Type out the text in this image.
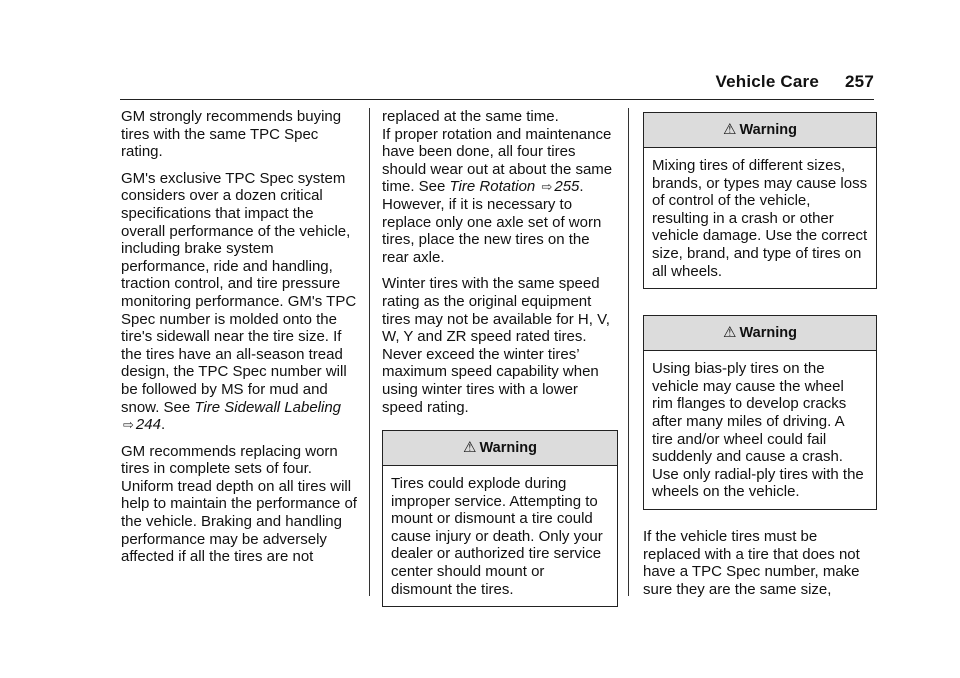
Vehicle Care 257

GM strongly recommends buying tires with the same TPC Spec rating.

GM's exclusive TPC Spec system considers over a dozen critical specifications that impact the overall performance of the vehicle, including brake system performance, ride and handling, traction control, and tire pressure monitoring performance. GM's TPC Spec number is molded onto the tire's sidewall near the tire size. If the tires have an all-season tread design, the TPC Spec number will be followed by MS for mud and snow. See Tire Sidewall Labeling ⇨ 244.

GM recommends replacing worn tires in complete sets of four. Uniform tread depth on all tires will help to maintain the performance of the vehicle. Braking and handling performance may be adversely affected if all the tires are not

replaced at the same time.

If proper rotation and maintenance have been done, all four tires should wear out at about the same time. See Tire Rotation ⇨ 255. However, if it is necessary to replace only one axle set of worn tires, place the new tires on the rear axle.

Winter tires with the same speed rating as the original equipment tires may not be available for H, V, W, Y and ZR speed rated tires. Never exceed the winter tires’ maximum speed capability when using winter tires with a lower speed rating.

⚠ Warning
Tires could explode during improper service. Attempting to mount or dismount a tire could cause injury or death. Only your dealer or authorized tire service center should mount or dismount the tires.
⚠ Warning
Mixing tires of different sizes, brands, or types may cause loss of control of the vehicle, resulting in a crash or other vehicle damage. Use the correct size, brand, and type of tires on all wheels.
⚠ Warning
Using bias-ply tires on the vehicle may cause the wheel rim flanges to develop cracks after many miles of driving. A tire and/or wheel could fail suddenly and cause a crash. Use only radial-ply tires with the wheels on the vehicle.

If the vehicle tires must be replaced with a tire that does not have a TPC Spec number, make sure they are the same size,
